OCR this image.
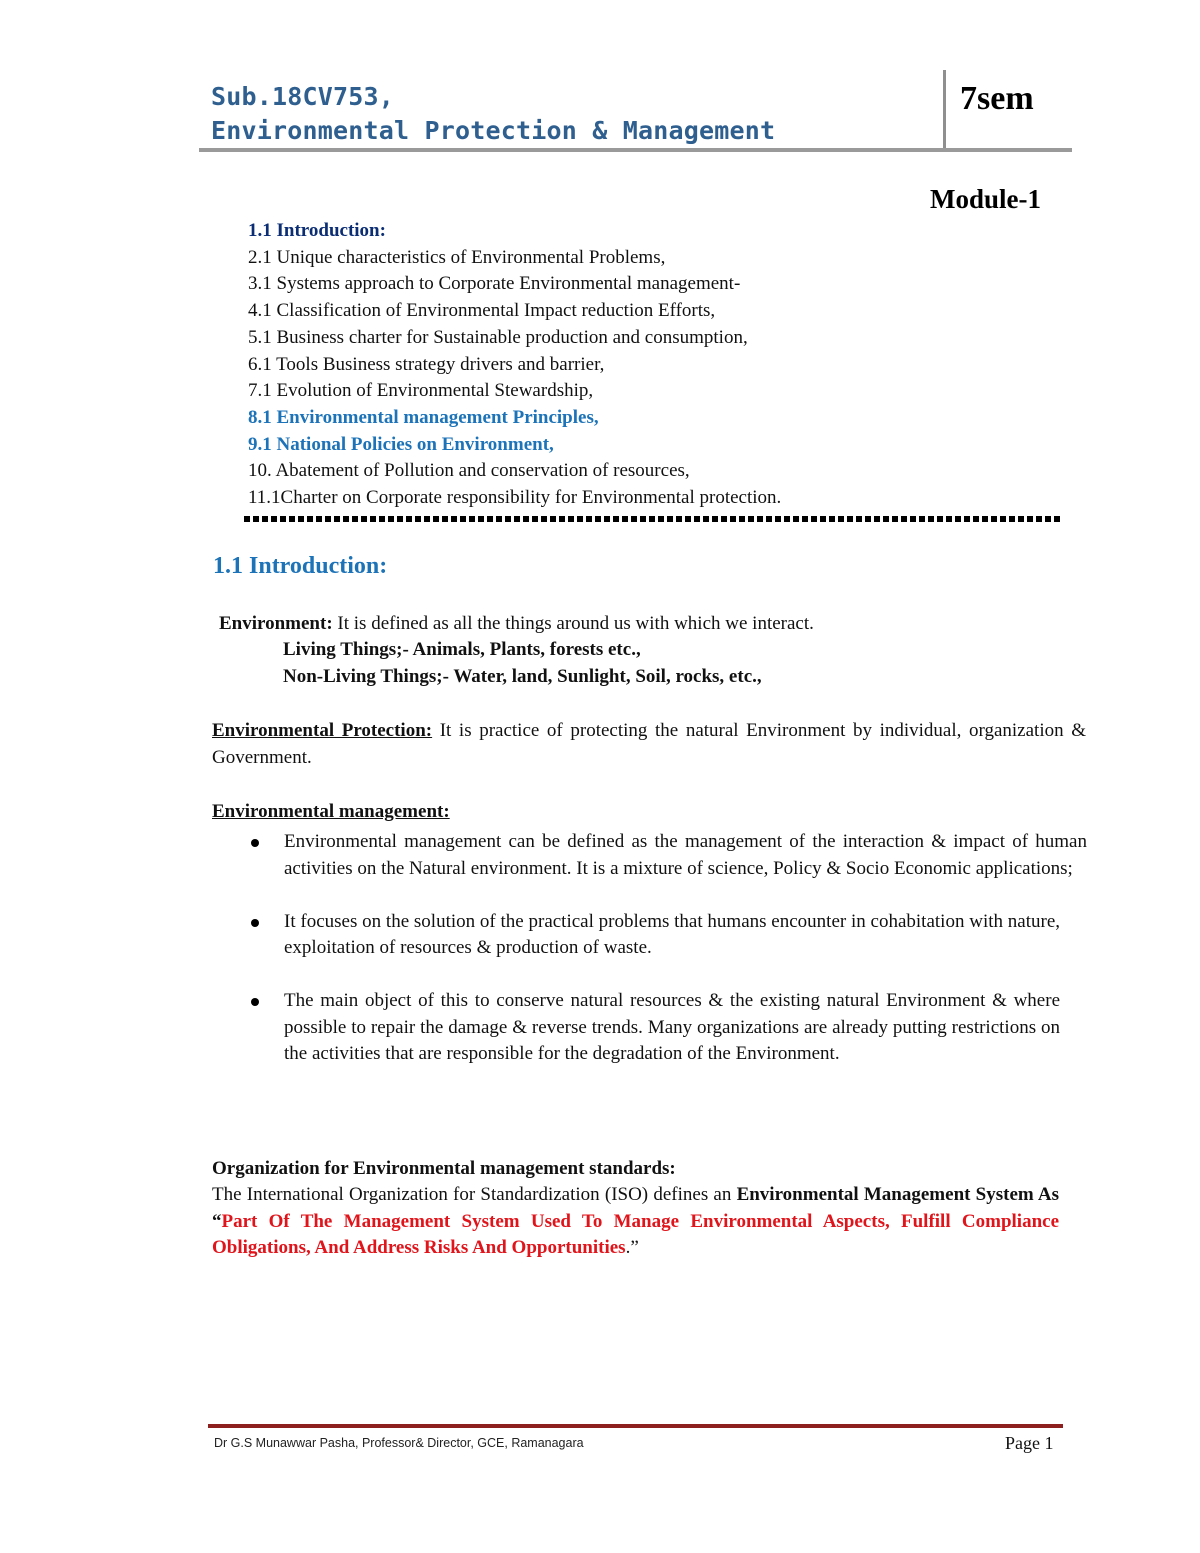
Sub.18CV753,
Environmental Protection & Management
7sem
Module-1
1.1 Introduction:
2.1 Unique characteristics of Environmental Problems,
3.1 Systems approach to Corporate Environmental management-
4.1 Classification of Environmental Impact reduction Efforts,
5.1 Business charter for Sustainable production and consumption,
6.1 Tools Business strategy drivers and barrier,
7.1 Evolution of Environmental Stewardship,
8.1 Environmental management Principles,
9.1 National Policies on Environment,
10. Abatement of Pollution and conservation of resources,
11.1Charter on Corporate responsibility for Environmental protection.
1.1 Introduction:
Environment: It is defined as all the things around us with which we interact.
Living Things;- Animals, Plants, forests etc.,
Non-Living Things;- Water, land, Sunlight, Soil, rocks, etc.,
Environmental Protection: It is practice of protecting the natural Environment by individual, organization & Government.
Environmental management:
Environmental management can be defined as the management of the interaction & impact of human activities on the Natural environment. It is a mixture of science, Policy & Socio Economic applications;
It focuses on the solution of the practical problems that humans encounter in cohabitation with nature, exploitation of resources & production of waste.
The main object of this to conserve natural resources & the existing natural Environment & where possible to repair the damage & reverse trends. Many organizations are already putting restrictions on the activities that are responsible for the degradation of the Environment.
Organization for Environmental management standards:
The International Organization for Standardization (ISO) defines an Environmental Management System As “Part Of The Management System Used To Manage Environmental Aspects, Fulfill Compliance Obligations, And Address Risks And Opportunities.”
Dr G.S Munawwar Pasha, Professor& Director, GCE, Ramanagara	Page 1
